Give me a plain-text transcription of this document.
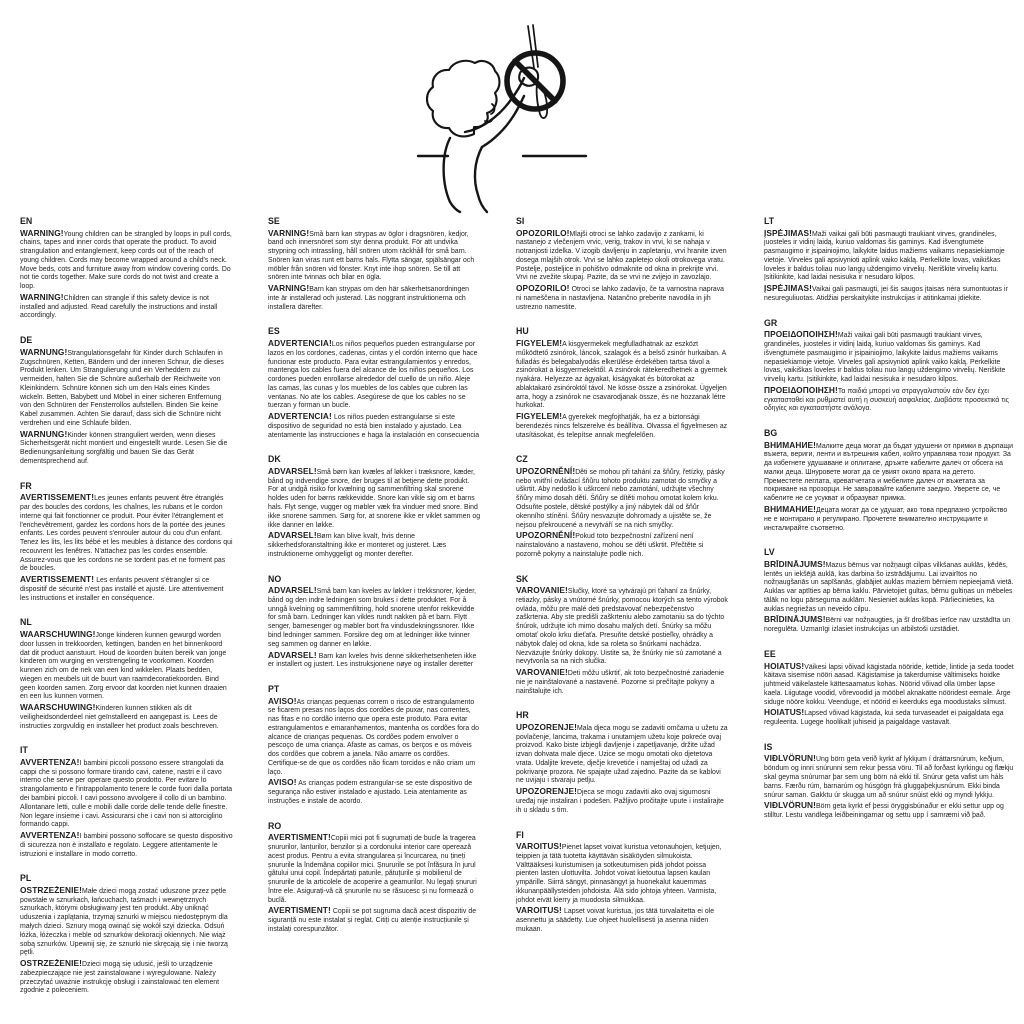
EN

WARNING!Young children can be strangled by loops in pull cords, chains, tapes and inner cords that operate the product. To avoid strangulation and entanglement, keep cords out of the reach of young children. Cords may become wrapped around a child's neck. Move beds, cots and furniture away from window covering cords. Do not tie cords together. Make sure cords do not twist and create a loop.

WARNING!Children can strangle if this safety device is not installed and adjusted. Read carefully the instructions and install accordingly.

DE

WARNUNG!Strangulationsgefahr für Kinder durch Schlaufen in Zugschnüren, Ketten, Bändern und der inneren Schnur, die dieses Produkt lenken. Um Strangulierung und ein Verheddern zu vermeiden, halten Sie die Schnüre außerhalb der Reichweite von Kleinkindern. Schnüre können sich um den Hals eines Kindes wickeln. Betten, Babybett und Möbel in einer sicheren Entfernung von den Schnüren der Fensterrollos aufstellen. Binden Sie keine Kabel zusammen. Achten Sie darauf, dass sich die Schnüre nicht verdrehen und eine Schlaufe bilden.

WARNUNG!Kinder können stranguliert werden, wenn dieses Sicherheitsgerät nicht montiert und eingestellt wurde. Lesen Sie die Bedienungsanleitung sorgfältig und bauen Sie das Gerät dementsprechend auf.

FR

AVERTISSEMENT!Les jeunes enfants peuvent être étranglés par des boucles des cordons, les chaînes, les rubans et le cordon interne qui fait fonctionner ce produit. Pour éviter l'étranglement et l'enchevêtrement, gardez les cordons hors de la portée des jeunes enfants. Les cordes peuvent s'enrouler autour du cou d'un enfant. Tenez les lits, les lits bébé et les meubles à distance des cordons qui recouvrent les fenêtres. N'attachez pas les cordes ensemble. Assurez-vous que les cordons ne se tordent pas et ne forment pas de boucles.

AVERTISSEMENT! Les enfants peuvent s'étrangler si ce dispositif de sécurité n'est pas installé et ajusté. Lire attentivement les instructions et installer en conséquence.

NL

WAARSCHUWING!Jonge kinderen kunnen gewurgd worden door lussen in trekkoorden, kettingen, banden en het binnenkoord dat dit product aanstuurt. Houd de koorden buiten bereik van jonge kinderen om wurging en verstrengeling te voorkomen. Koorden kunnen zich om de nek van een kind wikkelen. Plaats bedden, wiegen en meubels uit de buurt van raamdecoratiekoorden. Bind geen koorden samen. Zorg ervoor dat koorden niet kunnen draaien en een lus kunnen vormen.

WAARSCHUWING!Kinderen kunnen stikken als dit veiligheidsonderdeel niet geïnstalleerd en aangepast is. Lees de instructies zorgvuldig en installeer het product zoals beschreven.

IT

AVVERTENZA!I bambini piccoli possono essere strangolati da cappi che si possono formare tirando cavi, catene, nastri e il cavo interno che serve per operare questo prodotto. Per evitare lo strangolamento e l'intrappolamento tenere le corde fuori dalla portata dei bambini piccoli. I cavi possono avvolgere il collo di un bambino. Allontanare letti, culle e mobili dalle corde delle tende delle finestre. Non legare insieme i cavi. Assicurarsi che i cavi non si attorciglino formando cappi.

AVVERTENZA!I bambini possono soffocare se questo dispositivo di sicurezza non è installato e regolato. Leggere attentamente le istruzioni e installare in modo corretto.

PL

OSTRZEŻENIE!Małe dzieci mogą zostać uduszone przez pętle powstałe w sznurkach, łańcuchach, taśmach i wewnętrznych sznurkach, którymi obsługiwany jest ten produkt. Aby uniknąć uduszenia i zaplątania, trzymaj sznurki w miejscu niedostępnym dla małych dzieci. Sznury mogą owinąć się wokół szyi dziecka. Odsuń łóżka, łóżeczka i meble od sznurków dekoracji okiennych. Nie wiąż sobą sznurków. Upewnij się, że sznurki nie skręcają się i nie tworzą pętli.

OSTRZEŻENIE!Dzieci mogą się udusić, jeśli to urządzenie zabezpieczające nie jest zainstalowane i wyregulowane. Należy przeczytać uważnie instrukcję obsługi i zainstalować ten element zgodnie z poleceniem.

SE

VARNING!Små barn kan strypas av öglor i dragsnören, kedjor, band och innersnöret som styr denna produkt. För att undvika strypning och intrassling, håll snören utom räckhåll för små barn. Snören kan viras runt ett barns hals. Flytta sängar, spjälsängar och möbler från snören vid fönster. Knyt inte ihop snören. Se till att snören inte tvinnas och bilar en ögla.

VARNING!Barn kan strypas om den här säkerhetsanordningen inte är installerad och justerad. Läs noggrant instruktionerna och installera därefter.

ES

ADVERTENCIA!Los niños pequeños pueden estrangularse por lazos en los cordones, cadenas, cintas y el cordón interno que hace funcionar este producto. Para evitar estrangulamientos y enredos, mantenga los cables fuera del alcance de los niños pequeños. Los cordones pueden enrollarse alrededor del cuello de un niño. Aleje las camas, las cunas y los muebles de los cables que cubren las ventanas. No ate los cables. Asegúrese de que los cables no se tuerzan y forman un bucle.

ADVERTENCIA! Los niños pueden estrangularse si este dispositivo de seguridad no está bien instalado y ajustado. Lea atentamente las instrucciones e haga la instalación en consecuencia

DK

ADVARSEL!Små børn kan kvæles af løkker i træksnore, kæder, bånd og indvendige snore, der bruges til at betjene dette produkt. For at undgå risiko for kvælning og sammenfiltring skal snorene holdes uden for børns rækkevidde. Snore kan vikle sig om et barns hals. Flyt senge, vugger og møbler væk fra vinduer med snore. Bind ikke snorene sammen. Sørg for, at snorene ikke er viklet sammen og ikke danner en løkke.

ADVARSEL!Børn kan blive kvalt, hvis denne sikkerhedsforanstaltning ikke er monteret og justeret. Læs instruktionerne omhyggeligt og monter derefter.

NO

ADVARSEL!Små barn kan kveles av løkker i trekksnorer, kjeder, bånd og den indre ledningen som brukes i dette produktet. For å unngå kvelning og sammenfiltring, hold snorene utenfor rekkevidde for små barn. Ledninger kan vikles rundt nakken på et barn. Flytt senger, barnesenger og møbler bort fra vindusdekningssnorer. Ikke bind ledninger sammen. Forsikre deg om at ledninger ikke tvinner seg sammen og danner en løkke.

ADVARSEL! Barn kan kveles hvis denne sikkerhetsenheten ikke er installert og justert. Les instruksjonene nøye og installer deretter

PT

AVISO!As crianças pequenas correm o risco de estrangulamento se ficarem presas nos laços dos cordões de puxar, nas correntes, nas fitas e no cordão interno que opera este produto. Para evitar estrangulamentos e emaranhamentos, mantenha os cordões fora do alcance de crianças pequenas. Os cordões podem envolver o pescoço de uma criança. Afaste as camas, os berços e os móveis dos cordões que cobrem a janela. Não amarre os cordões. Certifique-se de que os cordões não ficam torcidos e não criam um laço.

AVISO! As crianças podem estrangular-se se este dispositivo de segurança não estiver instalado e ajustado. Leia atentamente as instruções e instale de acordo.

RO

AVERTISMENT!Copiii mici pot fi sugrumați de bucle la tragerea șnururilor, lanțurilor, benzilor și a cordonului interior care operează acest produs. Pentru a evita strangularea și încurcarea, nu țineți șnururile la îndemâna copiilor mici. Șnururile se pot înfășura în jurul gâtului unui copil. Îndepărtați paturile, pătuțurile și mobilierul de șnururile de la articolele de acoperire a geamurilor. Nu legați șnururi între ele. Asigurați-vă că șnururile nu se răsucesc și nu formează o buclă.

AVERTISMENT! Copiii se pot sugruma dacă acest dispozitiv de siguranță nu este instalat și reglat. Citiți cu atenție instrucțiunile și instalați corespunzător.

SI

OPOZORILO!Mlajši otroci se lahko zadavijo z zankami, ki nastanejo z vlečenjem vrvic, verig, trakov in vrvi, ki se nahaja v notranjosti izdelka. V izogib davljenju in zapletanju, vrvi hranite izven dosega mlajših otrok. Vrvi se lahko zapletejo okoli otrokovega vratu. Postelje, posteljice in pohištvo odmaknite od okna in prekrijte vrvi. Vrvi ne zvežite skupaj. Pazite, da se vrvi ne zvijejo in zavozlajo.

OPOZORILO! Otroci se lahko zadavijo, če ta varnostna naprava ni nameščena in nastavljena. Natančno preberite navodila in jih ustrezno namestite.

HU

FIGYELEM!A kisgyermekek megfulladhatnak az eszközt működtető zsinórok, láncok, szalagok és a belső zsinór hurkaiban. A fulladás és belegabalyodás elkerülése érdekében tartsa távol a zsinórokat a kisgyermekektől. A zsinórok rátekeredhetnek a gyermek nyakára. Helyezze az ágyakat, kiságyakat és bútorokat az ablaktakaró zsinóroktól távol. Ne kösse össze a zsinórokat. Ügyeljen arra, hogy a zsinórok ne csavarodjanak össze, és ne hozzanak létre hurkokat.

FIGYELEM!A gyerekek megfojthatják, ha ez a biztonsági berendezés nincs felszerelve és beállítva. Olvassa el figyelmesen az utasításokat, és telepítse annak megfelelően.

CZ

UPOZORNĚNÍ!Děti se mohou při tahání za šňůry, řetízky, pásky nebo vnitřní ovládací šňůru tohoto produktu zamotat do smyčky a uškrtit. Aby nedošlo k uškrcení nebo zamotání, udržujte všechny šňůry mimo dosah dětí. Šňůry se dítěti mohou omotat kolem krku. Odsuňte postele, dětské postýlky a jiný nábytek dál od šňůr okenního stínění. Šňůry nesvazujte dohromady a ujistěte se, že nejsou překroucené a nevytváří se na nich smyčky.

UPOZORNĚNÍ!Pokud toto bezpečnostní zařízení není nainstalováno a nastaveno, mohou se děti uškrtit. Přečtěte si pozorně pokyny a nainstalujte podle nich.

SK

VAROVANIE!Slučky, ktoré sa vytvárajú pri ťahaní za šnúrky, retiazky, pásky a vnútorné šnúrky, pomocou ktorých sa tento výrobok ovláda, môžu pre malé deti predstavovať nebezpečenstvo zaškrtenia. Aby ste predišli zaškrteniu alebo zamotaniu sa do týchto šnúrok, udržujte ich mimo dosahu malých detí. Šnúrky sa môžu omotať okolo krku dieťaťa. Presuňte detské postieľky, ohrádky a nábytok ďalej od okna, kde sa roleta so šnúrkami nachádza. Nezväzujte šnúrky dokopy. Uistite sa, že šnúrky nie sú zamotané a nevytvorila sa na nich slučka.

VAROVANIE!Deti môžu uškrtiť, ak toto bezpečnostné zariadenie nie je nainštalované a nastavené. Pozorne si prečítajte pokyny a nainštalujte ich.

HR

UPOZORENJE!Mala djeca mogu se zadaviti omčama u užetu za povlačenje, lancima, trakama i unutarnjem užetu koje pokreće ovaj proizvod. Kako biste izbjegli davljenje i zapetljavanje, držite užad izvan dohvata male djece. Uzice se mogu omotati oko djetetova vrata. Udaljite krevete, dječje krevetiće i namještaj od užadi za pokrivanje prozora. Ne spajajte užad zajedno. Pazite da se kablovi ne uvijaju i stvaraju petlju.

UPOZORENJE!Djeca se mogu zadaviti ako ovaj sigurnosni uređaj nije instaliran i podešen. Pažljivo pročitajte upute i instalirajte ih u skladu s tim.

FI

VAROITUS!Pienet lapset voivat kuristua vetonauhojen, ketjujen, teippien ja tätä tuotetta käyttävän sisäköyden silmukoista. Välttääksesi kuristumisen ja sotkeutumisen pidä johdot poissa pienten lasten ulottuvilta. Johdot voivat kietoutua lapsen kaulan ympärille. Siirrä sängyt, pinnasängyt ja huonekalut kauemmas ikkunanpäällysteiden johdoista. Älä sido johtoja yhteen. Varmista, johdot eivät kierry ja muodosta silmukkaa.

VAROITUS! Lapset voivat kuristua, jos tätä turvalaitetta ei ole asennettu ja säädetty. Lue ohjeet huolellisesti ja asenna niiden mukaan.

LT

ĮSPĖJIMAS!Maži vaikai gali būti pasmaugti traukiant virves, grandinėles, juosteles ir vidinį laidą, kuriuo valdomas šis gaminys. Kad išvengtumėte pasmaugimo ir įsipainiojimo, laikykite laidus mažiems vaikams nepasiekiamoje vietoje. Virvelės gali apsivynioti aplink vaiko kaklą. Perkelkite lovas, vaikiškas loveles ir baldus toliau nuo langų uždengimo virvelių. Neriškite virvelių kartu. Įsitikinkite, kad laidai nesisuka ir nesudaro kilpos.

ĮSPĖJIMAS!Vaikai gali pasmaugti, jei šis saugos įtaisas nėra sumontuotas ir nesureguliuotas. Atidžiai perskaitykite instrukcijas ir atitinkamai įdiekite.

GR

ΠΡΟΕΙΔΟΠΟΙΗΣΗ!Maži vaikai gali būti pasmaugti traukiant virves, grandinėles, juosteles ir vidinį laidą, kuriuo valdomas šis gaminys. Kad išvengtumėte pasmaugimo ir įsipainiojimo, laikykite laidus mažiems vaikams nepasiekiamoje vietoje. Virvelės gali apsivynioti aplink vaiko kaklą. Perkelkite lovas, vaikiškas loveles ir baldus toliau nuo langų uždengimo virvelių. Neriškite virvelių kartu. Įsitikinkite, kad laidai nesisuka ir nesudaro kilpos.

ΠΡΟΕΙΔΟΠΟΙΗΣΗ!Τα παιδιά μπορεί να στραγγαλιστούν εάν δεν έχει εγκατασταθεί και ρυθμιστεί αυτή η συσκευή ασφαλείας. Διαβάστε προσεκτικά τις οδηγίες και εγκαταστήστε ανάλογα.

BG

ВНИМАНИЕ!Малките деца могат да бъдат удушени от примки в дърпащи въжета, вериги, ленти и вътрешния кабел, който управлява този продукт. За да избегнете удушаване и оплитане, дръжте кабелите далеч от обсега на малки деца. Шнуровете могат да се увият около врата на детето. Преместете леглата, креватчетата и мебелите далеч от въжетата за покриване на прозорци. Не завързвайте кабелите заедно. Уверете се, че кабелите не се усукват и образуват примка.

ВНИМАНИЕ!Децата могат да се удушат, ако това предпазно устройство не е монтирано и регулирано. Прочетете внимателно инструкциите и инсталирайте съответно.

LV

BRĪDINĀJUMS!Mazus bērnus var nožņaugt cilpas vilkšanas auklās, ķēdēs, lentēs un iekšējā auklā, kas darbina šo izstrādājumu. Lai izvairītos no nožņaugšanās un sapīšanās, glabājiet auklas maziem bērniem nepieejamā vietā. Auklas var aptīties ap bērna kaklu. Pārvietojiet gultas, bērnu gultiņas un mēbeles tālāk no logu pārseguma auklām. Nesieniet auklas kopā. Pārliecinieties, ka auklas negriežas un neveido cilpu.

BRĪDINĀJUMS!Bērni var nožņaugties, ja šī drošības ierīce nav uzstādīta un noregulēta. Uzmanīgi izlasiet instrukcijas un atbilstoši uzstādiet.

EE

HOIATUS!Väikesi lapsi võivad kägistada nööride, kettide, lintide ja seda toodet käitava sisemise nööri aasad. Kägistamise ja takerdumise vältimiseks hoidke juhtmeid väikelastele kättesaamatus kohas. Nöörid võivad olla ümber lapse kaela. Liigutage voodid, võrevoodid ja mööbel aknakatte nööridest eemale. Ärge siduge nööre kokku. Veenduge, et nöörid ei keerduks ega moodustaks silmust.

HOIATUS!Lapsed võivad kägistada, kui seda turvaseadet ei paigaldata ega reguleerita. Lugege hoolikalt juhiseid ja paigaldage vastavalt.

IS

VIÐLVÖRUN!Ung börn geta verið kyrkt af lykkjum í dráttarsnúrum, keðjum, böndum og innri snúrunni sem rekur þessa vöru. Til að forðast kyrkingu og flækju skal geyma snúrurnar þar sem ung börn ná ekki til. Snúrur geta vafist um háls barns. Færðu rúm, barnarúm og húsgögn frá gluggaþekjusnúrum. Ekki binda snúrur saman. Gakktu úr skugga um að snúrur snúist ekki og myndi lykkju.

VIÐLVÖRUN!Börn geta kyrkt ef þessi öryggisbúnaður er ekki settur upp og stilltur. Lestu vandlega leiðbeiningarnar og settu upp í samræmi við það.
